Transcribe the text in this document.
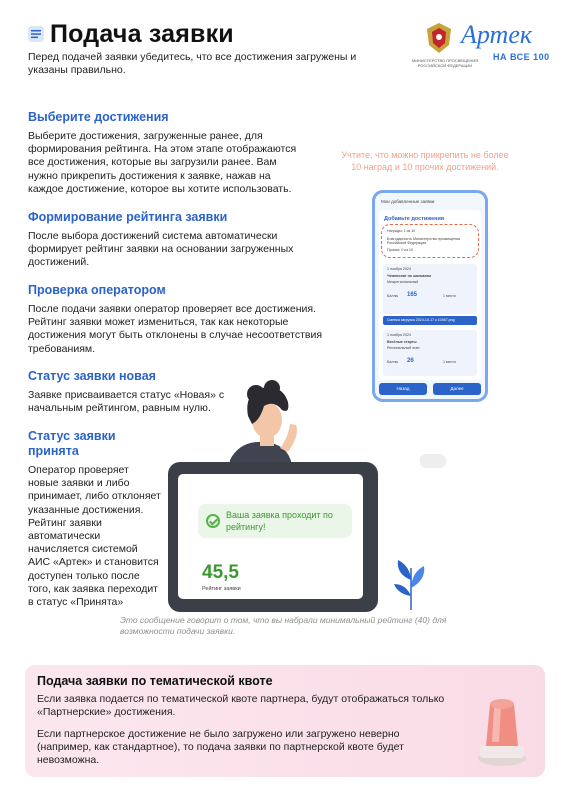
Подача заявки
Перед подачей заявки убедитесь, что все достижения загружены и указаны правильно.
МИНИСТЕРСТВО ПРОСВЕЩЕНИЯ РОССИЙСКОЙ ФЕДЕРАЦИИ
Артек
НА ВСЕ 100
Выберите достижения
Выберите достижения, загруженные ранее, для формирования рейтинга. На этом этапе отображаются все достижения, которые вы загрузили ранее. Вам нужно прикрепить достижения к заявке, нажав на каждое достижение, которое вы хотите использовать.
Формирование рейтинга заявки
После выбора достижений система автоматически формирует рейтинг заявки на основании загруженных достижений.
Проверка оператором
После подачи заявки оператор проверяет все достижения. Рейтинг заявки может измениться, так как некоторые достижения могут быть отклонены в случае несоответствия требованиям.
Статус заявки новая
Заявке присваивается статус «Новая» с начальным рейтингом, равным нулю.
Статус заявки принята
Оператор проверяет новые заявки и либо принимает, либо отклоняет указанные достижения. Рейтинг заявки автоматически начисляется системой АИС «Артек» и становится доступен только после того, как заявка переходит в статус «Принята»
Учтите, что можно прикрепить не более 10 наград и 10 прочих достижений.
Мои добавленные заявки
Добавьте достижения
Награды: 1 из 10
Благодарность Министерства просвещения Российской Федерации
Прочие: 0 из 10
1 ноября 2024
Чемпионат по шахматам
Межрегиональный
Баллы 165	1 место
Сменка загрузка 2024-10-17 к 10467.png
1 ноября 2024
Весёлые старты
Региональный этап
Баллы 26	1 место
Назад	Далее
Ваша заявка проходит по рейтингу!
45,5
Рейтинг заявки
Это сообщение говорит о том, что вы набрали минимальный рейтинг (40) для возможности подачи заявки.
Подача заявки по тематической квоте
Если заявка подается по тематической квоте партнера, будут отображаться только «Партнерские» достижения.
Если партнерское достижение не было загружено или загружено неверно (например, как стандартное), то подача заявки по партнерской квоте будет невозможна.
